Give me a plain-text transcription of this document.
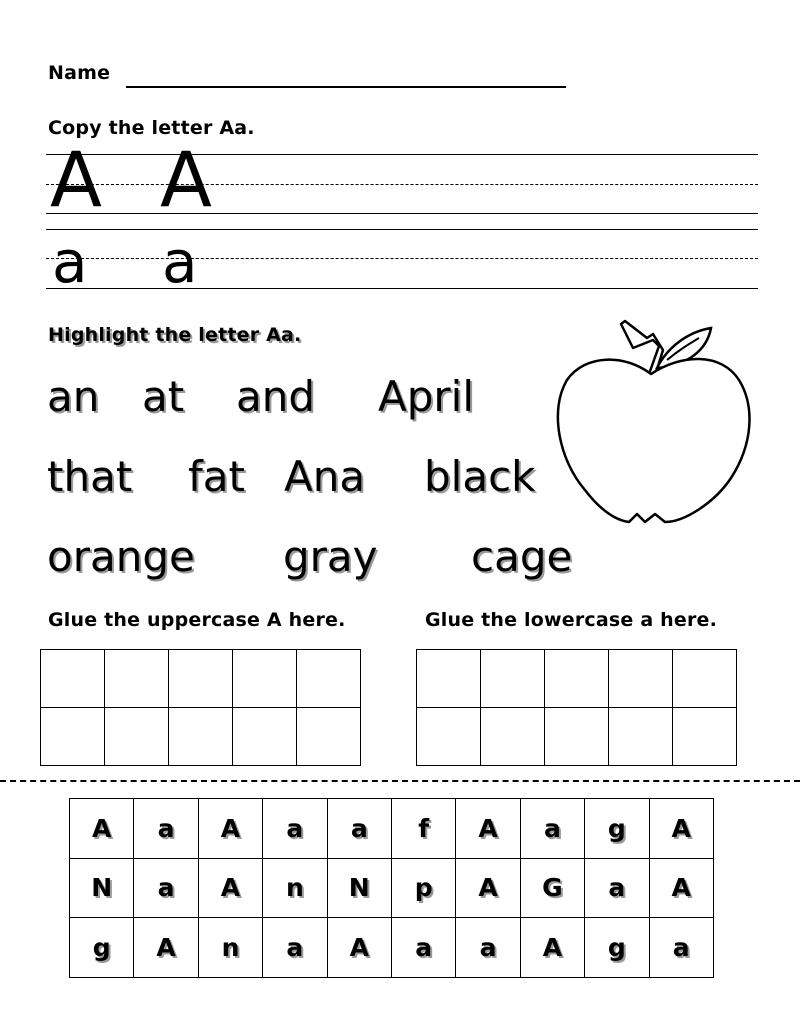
Name
Copy the letter Aa.
A A
a a
Highlight the letter Aa.
an at and April
that fat Ana black
orange gray cage
Glue the uppercase A here.	Glue the lowercase a here.

A	a	A	a	a	f	A	a	g	A
N	a	A	n	N	p	A	G	a	A
g	A	n	a	A	a	a	A	g	a
